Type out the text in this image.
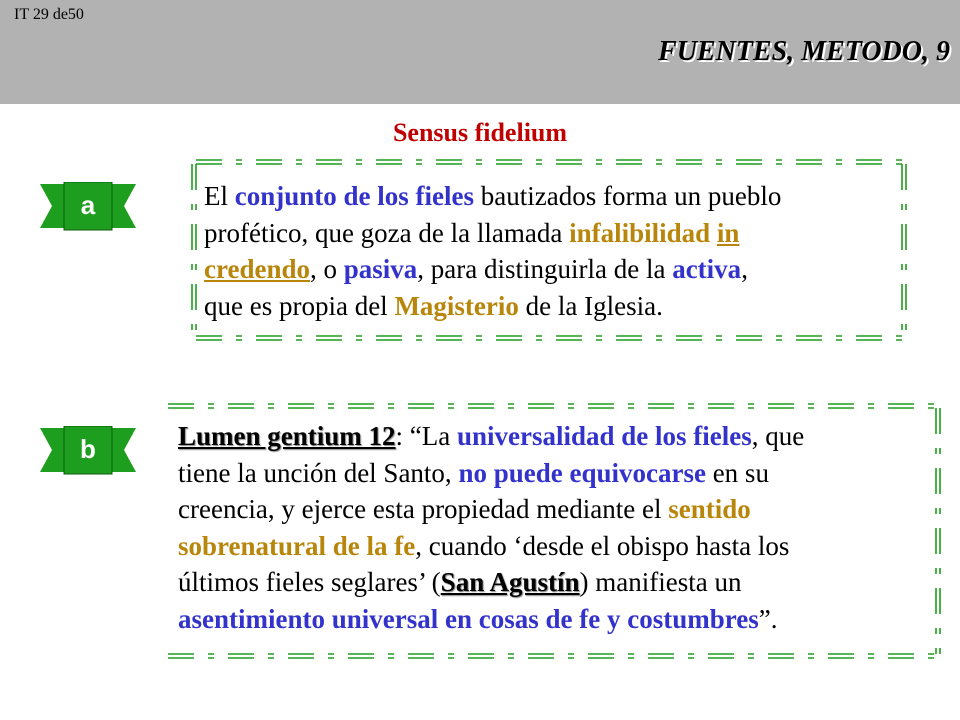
IT 29 de50
FUENTES, METODO, 9
Sensus fidelium
a	El conjunto de los fieles bautizados forma un pueblo
profético, que goza de la llamada infalibilidad in
credendo, o pasiva, para distinguirla de la activa,
que es propia del Magisterio de la Iglesia.
b	Lumen gentium 12: “La universalidad de los fieles, que
tiene la unción del Santo, no puede equivocarse en su
creencia, y ejerce esta propiedad mediante el sentido
sobrenatural de la fe, cuando ‘desde el obispo hasta los
últimos fieles seglares’ (San Agustín) manifiesta un
asentimiento universal en cosas de fe y costumbres”.
